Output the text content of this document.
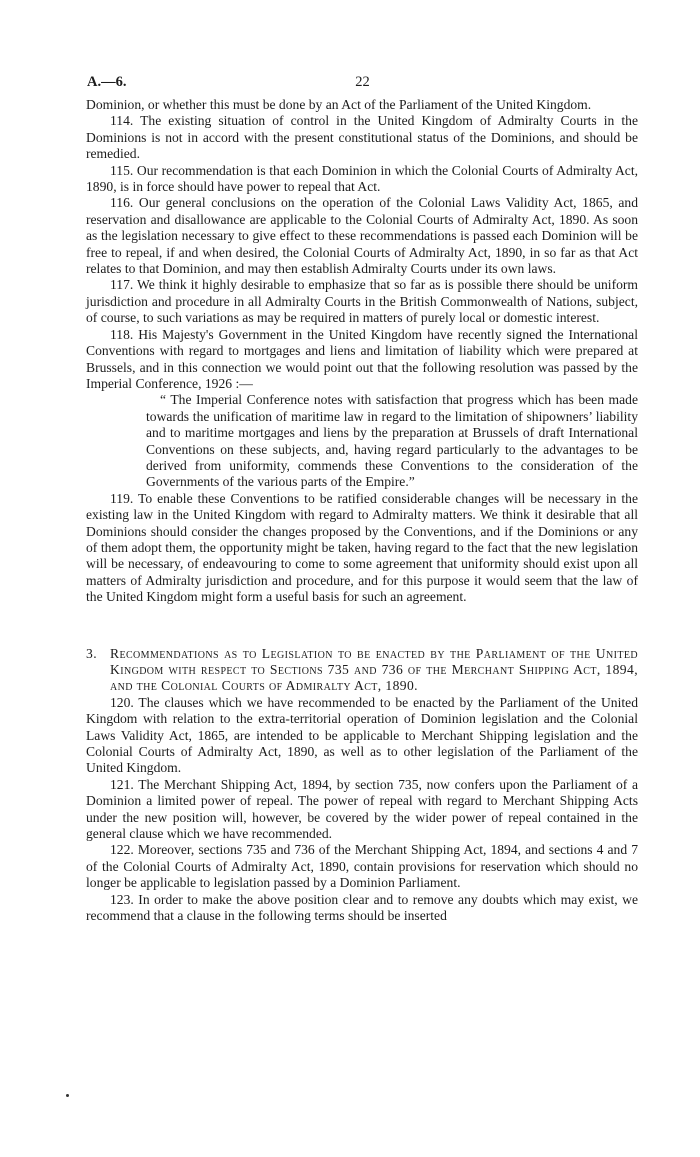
A.—6.	22

Dominion, or whether this must be done by an Act of the Parliament of the United Kingdom.

114. The existing situation of control in the United Kingdom of Admiralty Courts in the Dominions is not in accord with the present constitutional status of the Dominions, and should be remedied.

115. Our recommendation is that each Dominion in which the Colonial Courts of Admiralty Act, 1890, is in force should have power to repeal that Act.

116. Our general conclusions on the operation of the Colonial Laws Validity Act, 1865, and reservation and disallowance are applicable to the Colonial Courts of Admiralty Act, 1890. As soon as the legislation necessary to give effect to these recommendations is passed each Dominion will be free to repeal, if and when desired, the Colonial Courts of Admiralty Act, 1890, in so far as that Act relates to that Dominion, and may then establish Admiralty Courts under its own laws.

117. We think it highly desirable to emphasize that so far as is possible there should be uniform jurisdiction and procedure in all Admiralty Courts in the British Commonwealth of Nations, subject, of course, to such variations as may be required in matters of purely local or domestic interest.

118. His Majesty's Government in the United Kingdom have recently signed the International Conventions with regard to mortgages and liens and limitation of liability which were prepared at Brussels, and in this connection we would point out that the following resolution was passed by the Imperial Conference, 1926 :—

“ The Imperial Conference notes with satisfaction that progress which has been made towards the unification of maritime law in regard to the limitation of shipowners’ liability and to maritime mortgages and liens by the preparation at Brussels of draft International Conventions on these subjects, and, having regard particularly to the advantages to be derived from uniformity, commends these Conventions to the consideration of the Governments of the various parts of the Empire.”

119. To enable these Conventions to be ratified considerable changes will be necessary in the existing law in the United Kingdom with regard to Admiralty matters. We think it desirable that all Dominions should consider the changes proposed by the Conventions, and if the Dominions or any of them adopt them, the opportunity might be taken, having regard to the fact that the new legislation will be necessary, of endeavouring to come to some agreement that uniformity should exist upon all matters of Admiralty jurisdiction and procedure, and for this purpose it would seem that the law of the United Kingdom might form a useful basis for such an agreement.

3. Recommendations as to Legislation to be enacted by the Parliament of the United Kingdom with respect to Sections 735 and 736 of the Merchant Shipping Act, 1894, and the Colonial Courts of Admiralty Act, 1890.

120. The clauses which we have recommended to be enacted by the Parliament of the United Kingdom with relation to the extra-territorial operation of Dominion legislation and the Colonial Laws Validity Act, 1865, are intended to be applicable to Merchant Shipping legislation and the Colonial Courts of Admiralty Act, 1890, as well as to other legislation of the Parliament of the United Kingdom.

121. The Merchant Shipping Act, 1894, by section 735, now confers upon the Parliament of a Dominion a limited power of repeal. The power of repeal with regard to Merchant Shipping Acts under the new position will, however, be covered by the wider power of repeal contained in the general clause which we have recommended.

122. Moreover, sections 735 and 736 of the Merchant Shipping Act, 1894, and sections 4 and 7 of the Colonial Courts of Admiralty Act, 1890, contain provisions for reservation which should no longer be applicable to legislation passed by a Dominion Parliament.

123. In order to make the above position clear and to remove any doubts which may exist, we recommend that a clause in the following terms should be inserted
